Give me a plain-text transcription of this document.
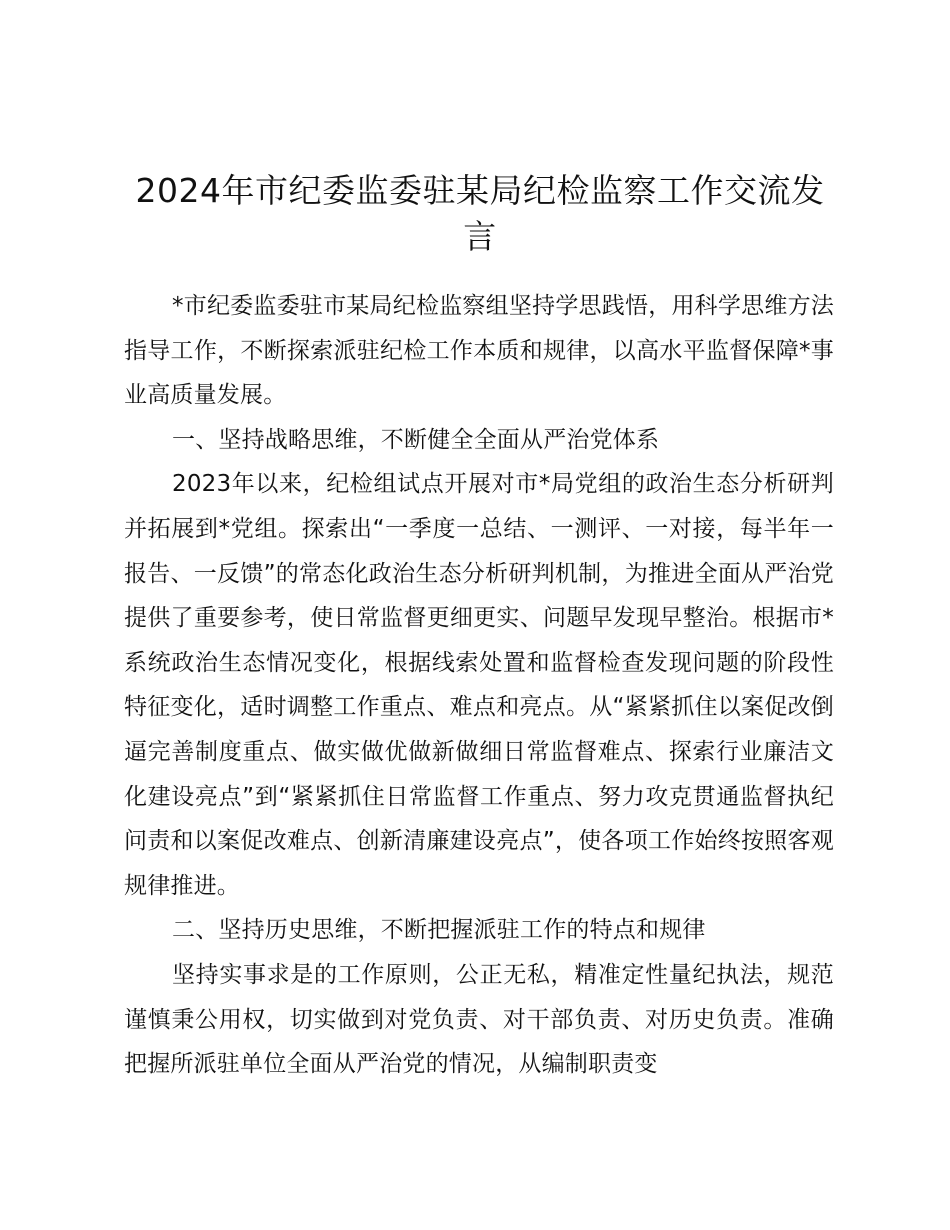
2024年市纪委监委驻某局纪检监察工作交流发言

*市纪委监委驻市某局纪检监察组坚持学思践悟，用科学思维方法指导工作，不断探索派驻纪检工作本质和规律，以高水平监督保障*事业高质量发展。

一、坚持战略思维，不断健全全面从严治党体系

2023年以来，纪检组试点开展对市*局党组的政治生态分析研判并拓展到*党组。探索出“一季度一总结、一测评、一对接，每半年一报告、一反馈”的常态化政治生态分析研判机制，为推进全面从严治党提供了重要参考，使日常监督更细更实、问题早发现早整治。根据市*系统政治生态情况变化，根据线索处置和监督检查发现问题的阶段性特征变化，适时调整工作重点、难点和亮点。从“紧紧抓住以案促改倒逼完善制度重点、做实做优做新做细日常监督难点、探索行业廉洁文化建设亮点”到“紧紧抓住日常监督工作重点、努力攻克贯通监督执纪问责和以案促改难点、创新清廉建设亮点”，使各项工作始终按照客观规律推进。

二、坚持历史思维，不断把握派驻工作的特点和规律

坚持实事求是的工作原则，公正无私，精准定性量纪执法，规范谨慎秉公用权，切实做到对党负责、对干部负责、对历史负责。准确把握所派驻单位全面从严治党的情况，从编制职责变
